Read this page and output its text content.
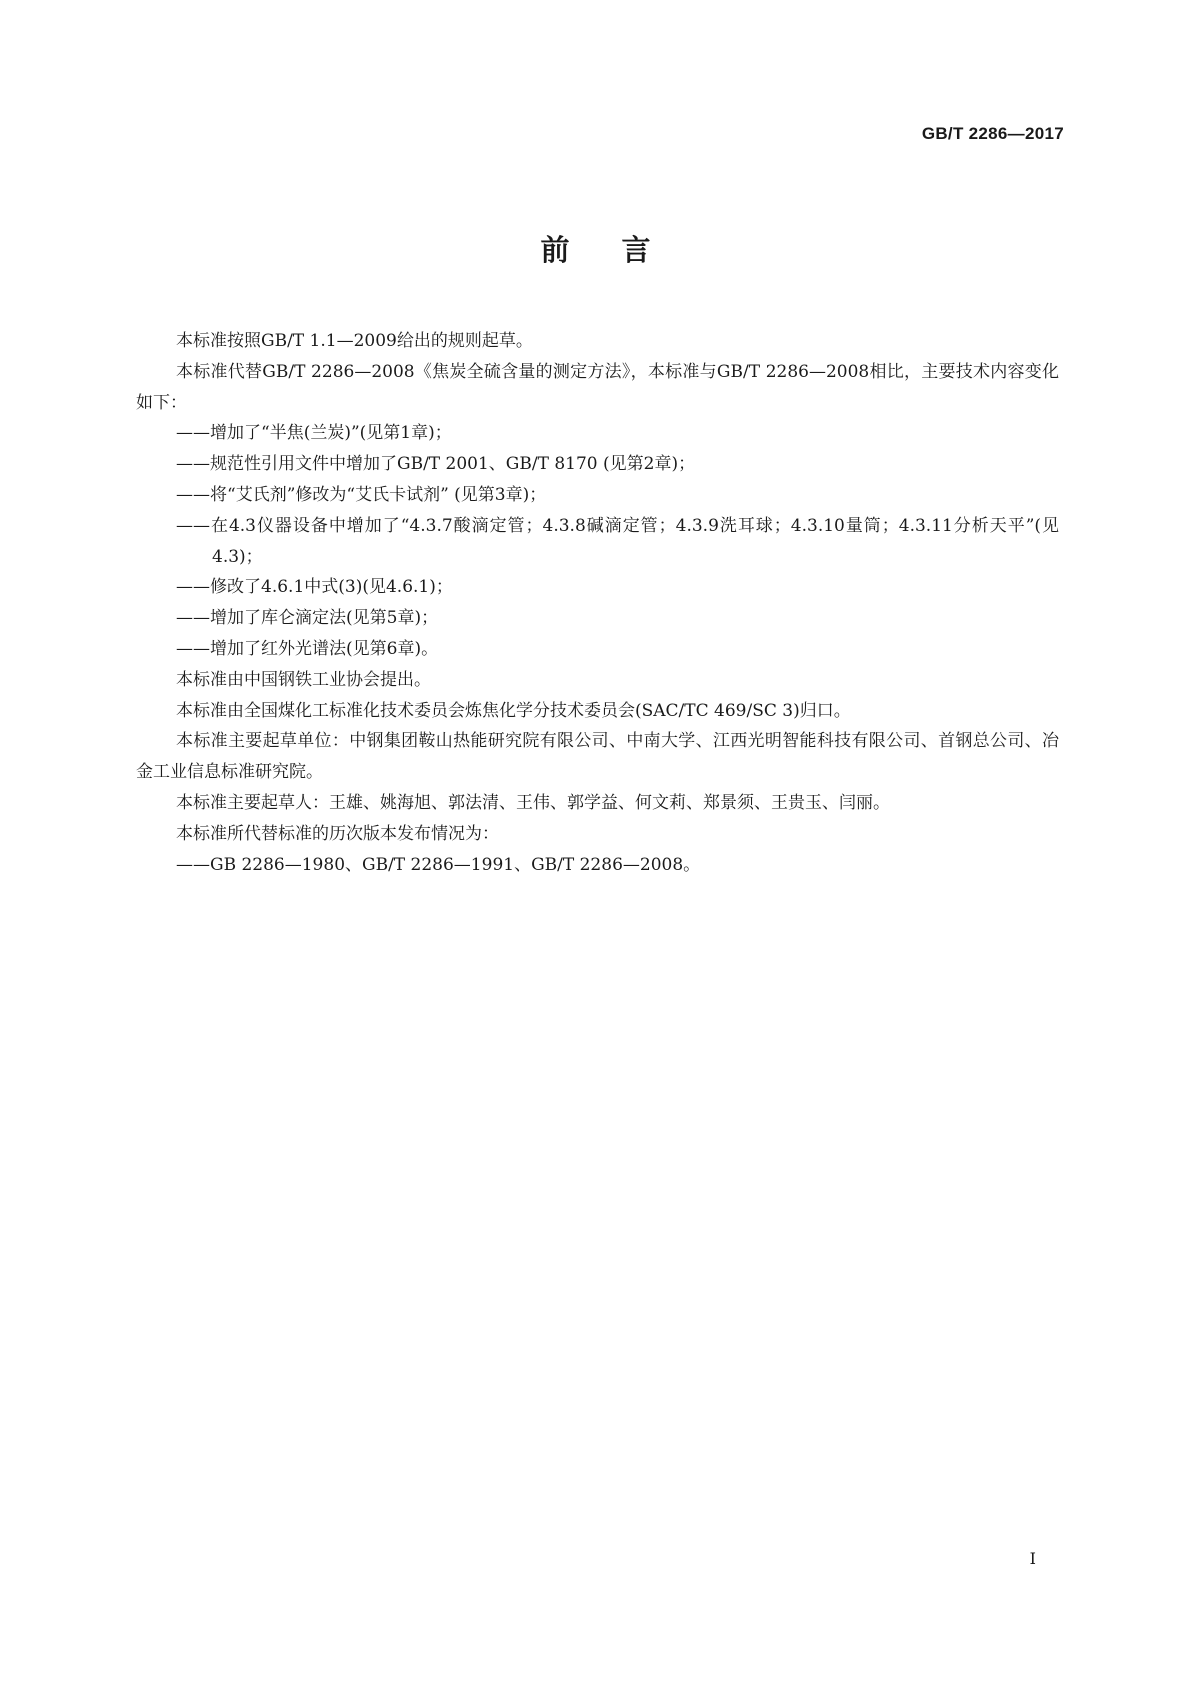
GB/T 2286—2017
前言

本标准按照GB/T 1.1—2009给出的规则起草。

本标准代替GB/T 2286—2008《焦炭全硫含量的测定方法》，本标准与GB/T 2286—2008相比，主要技术内容变化如下：

——增加了“半焦(兰炭)”(见第1章)；

——规范性引用文件中增加了GB/T 2001、GB/T 8170 (见第2章)；

——将“艾氏剂”修改为“艾氏卡试剂” (见第3章)；

——在4.3仪器设备中增加了“4.3.7酸滴定管；4.3.8碱滴定管；4.3.9洗耳球；4.3.10量筒；4.3.11分析天平”(见4.3)；

——修改了4.6.1中式(3)(见4.6.1)；

——增加了库仑滴定法(见第5章)；

——增加了红外光谱法(见第6章)。

本标准由中国钢铁工业协会提出。

本标准由全国煤化工标准化技术委员会炼焦化学分技术委员会(SAC/TC 469/SC 3)归口。

本标准主要起草单位：中钢集团鞍山热能研究院有限公司、中南大学、江西光明智能科技有限公司、首钢总公司、冶金工业信息标准研究院。

本标准主要起草人：王雄、姚海旭、郭法清、王伟、郭学益、何文莉、郑景须、王贵玉、闫丽。

本标准所代替标准的历次版本发布情况为：

——GB 2286—1980、GB/T 2286—1991、GB/T 2286—2008。

I
